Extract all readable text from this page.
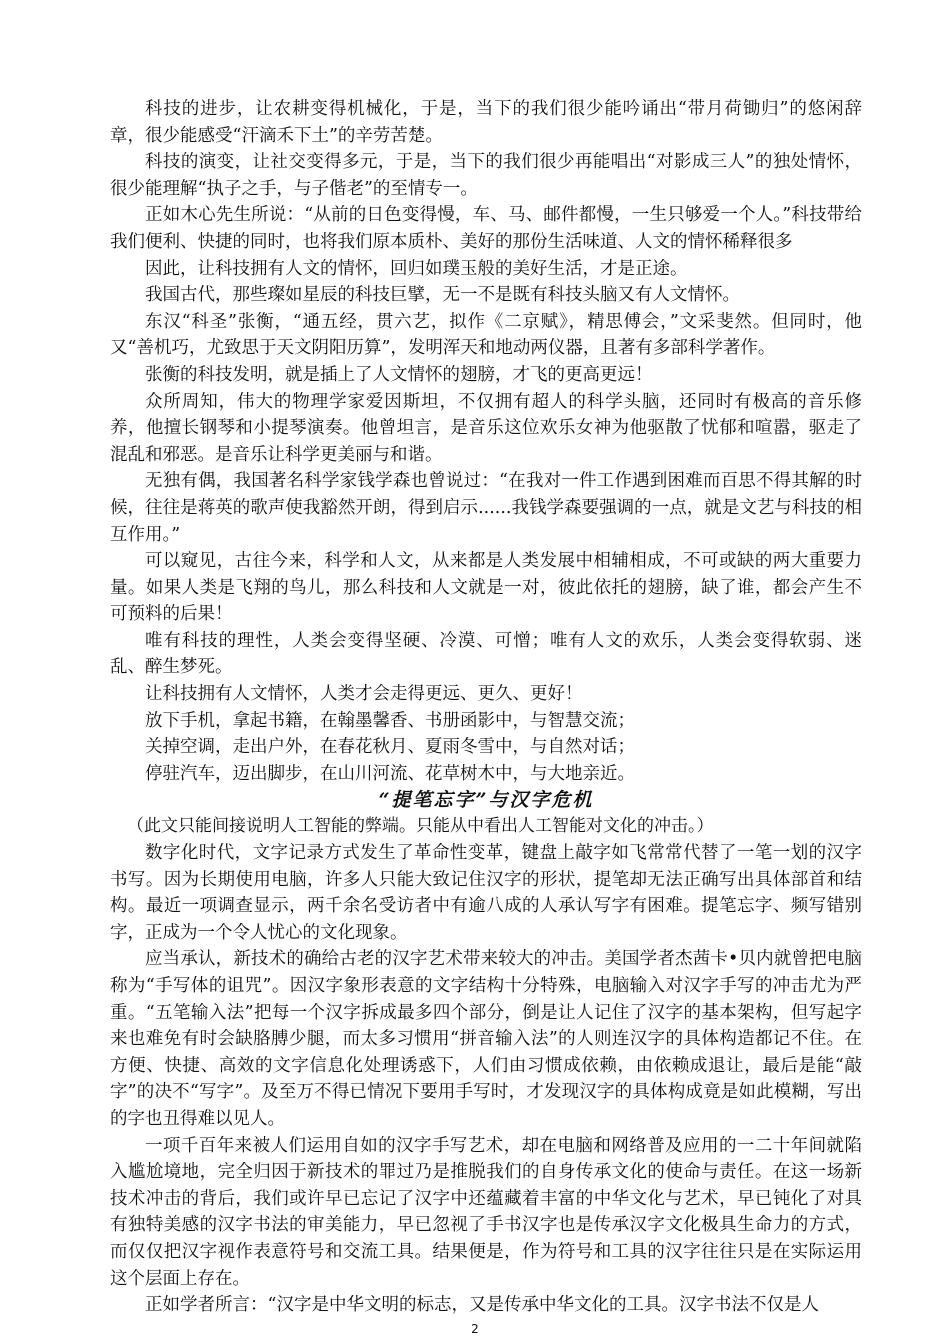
科技的进步，让农耕变得机械化，于是，当下的我们很少能吟诵出“带月荷锄归”的悠闲辞章，很少能感受“汗滴禾下土”的辛劳苦楚。

科技的演变，让社交变得多元，于是，当下的我们很少再能唱出“对影成三人”的独处情怀，很少能理解“执子之手，与子偕老”的至情专一。

正如木心先生所说：“从前的日色变得慢，车、马、邮件都慢，一生只够爱一个人。”科技带给我们便利、快捷的同时，也将我们原本质朴、美好的那份生活味道、人文的情怀稀释很多

因此，让科技拥有人文的情怀，回归如璞玉般的美好生活，才是正途。

我国古代，那些璨如星辰的科技巨擘，无一不是既有科技头脑又有人文情怀。

东汉“科圣”张衡，“通五经，贯六艺，拟作《二京赋》，精思傅会，”文采斐然。但同时，他又“善机巧，尤致思于天文阴阳历算”，发明浑天和地动两仪器，且著有多部科学著作。

张衡的科技发明，就是插上了人文情怀的翅膀，才飞的更高更远！

众所周知，伟大的物理学家爱因斯坦，不仅拥有超人的科学头脑，还同时有极高的音乐修养，他擅长钢琴和小提琴演奏。他曾坦言，是音乐这位欢乐女神为他驱散了忧郁和喧嚣，驱走了混乱和邪恶。是音乐让科学更美丽与和谐。

无独有偶，我国著名科学家钱学森也曾说过：“在我对一件工作遇到困难而百思不得其解的时候，往往是蒋英的歌声使我豁然开朗，得到启示......我钱学森要强调的一点，就是文艺与科技的相互作用。”

可以窥见，古往今来，科学和人文，从来都是人类发展中相辅相成，不可或缺的两大重要力量。如果人类是飞翔的鸟儿，那么科技和人文就是一对，彼此依托的翅膀，缺了谁，都会产生不可预料的后果！

唯有科技的理性，人类会变得坚硬、冷漠、可憎；唯有人文的欢乐，人类会变得软弱、迷乱、醉生梦死。

让科技拥有人文情怀，人类才会走得更远、更久、更好！

放下手机，拿起书籍，在翰墨馨香、书册函影中，与智慧交流；

关掉空调，走出户外，在春花秋月、夏雨冬雪中，与自然对话；

停驻汽车，迈出脚步，在山川河流、花草树木中，与大地亲近。

“提笔忘字”与汉字危机

（此文只能间接说明人工智能的弊端。只能从中看出人工智能对文化的冲击。）

数字化时代，文字记录方式发生了革命性变革，键盘上敲字如飞常常代替了一笔一划的汉字书写。因为长期使用电脑，许多人只能大致记住汉字的形状，提笔却无法正确写出具体部首和结构。最近一项调查显示，两千余名受访者中有逾八成的人承认写字有困难。提笔忘字、频写错别字，正成为一个令人忧心的文化现象。

应当承认，新技术的确给古老的汉字艺术带来较大的冲击。美国学者杰茜卡•贝内就曾把电脑称为“手写体的诅咒”。因汉字象形表意的文字结构十分特殊，电脑输入对汉字手写的冲击尤为严重。“五笔输入法”把每一个汉字拆成最多四个部分，倒是让人记住了汉字的基本架构，但写起字来也难免有时会缺胳膊少腿，而太多习惯用“拼音输入法”的人则连汉字的具体构造都记不住。在方便、快捷、高效的文字信息化处理诱惑下，人们由习惯成依赖，由依赖成退让，最后是能“敲字”的决不“写字”。及至万不得已情况下要用手写时，才发现汉字的具体构成竟是如此模糊，写出的字也丑得难以见人。

一项千百年来被人们运用自如的汉字手写艺术，却在电脑和网络普及应用的一二十年间就陷入尴尬境地，完全归因于新技术的罪过乃是推脱我们的自身传承文化的使命与责任。在这一场新技术冲击的背后，我们或许早已忘记了汉字中还蕴藏着丰富的中华文化与艺术，早已钝化了对具有独特美感的汉字书法的审美能力，早已忽视了手书汉字也是传承汉字文化极具生命力的方式，而仅仅把汉字视作表意符号和交流工具。结果便是，作为符号和工具的汉字往往只是在实际运用这个层面上存在。

正如学者所言：“汉字是中华文明的标志，又是传承中华文化的工具。汉字书法不仅是人

2
